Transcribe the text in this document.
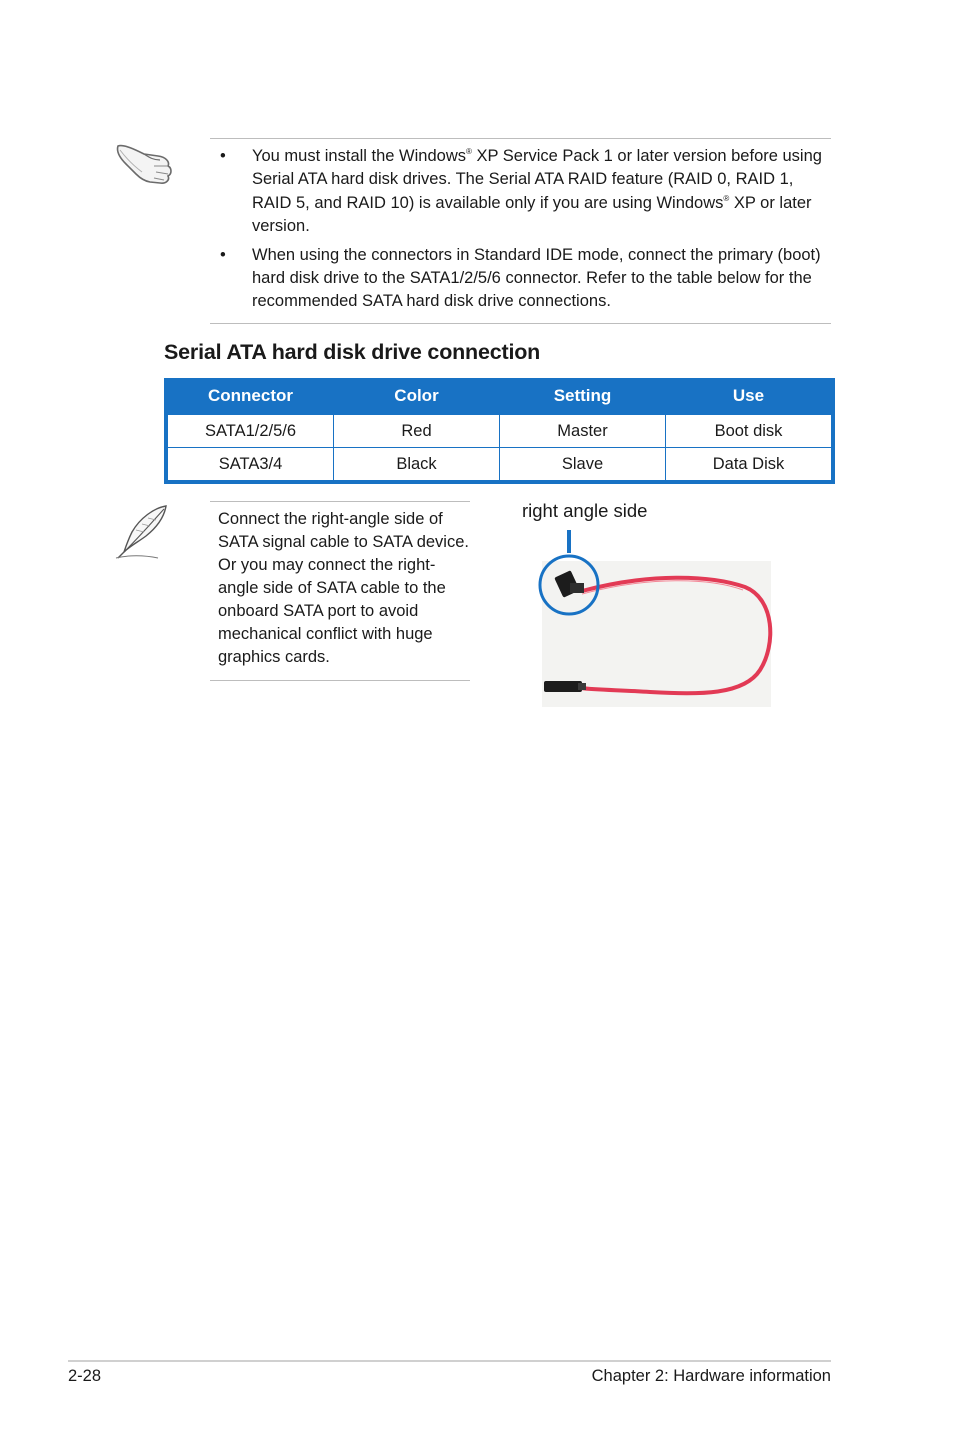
• You must install the Windows® XP Service Pack 1 or later version before using Serial ATA hard disk drives. The Serial ATA RAID feature (RAID 0, RAID 1, RAID 5, and RAID 10) is available only if you are using Windows® XP or later version.
• When using the connectors in Standard IDE mode, connect the primary (boot) hard disk drive to the SATA1/2/5/6 connector. Refer to the table below for the recommended SATA hard disk drive connections.
Serial ATA hard disk drive connection
Connector	Color	Setting	Use
SATA1/2/5/6	Red	Master	Boot disk
SATA3/4	Black	Slave	Data Disk
Connect the right-angle side of SATA signal cable to SATA device. Or you may connect the right-angle side of SATA cable to the onboard SATA port to avoid mechanical conflict with huge graphics cards.
right angle side
2-28	Chapter 2: Hardware information
